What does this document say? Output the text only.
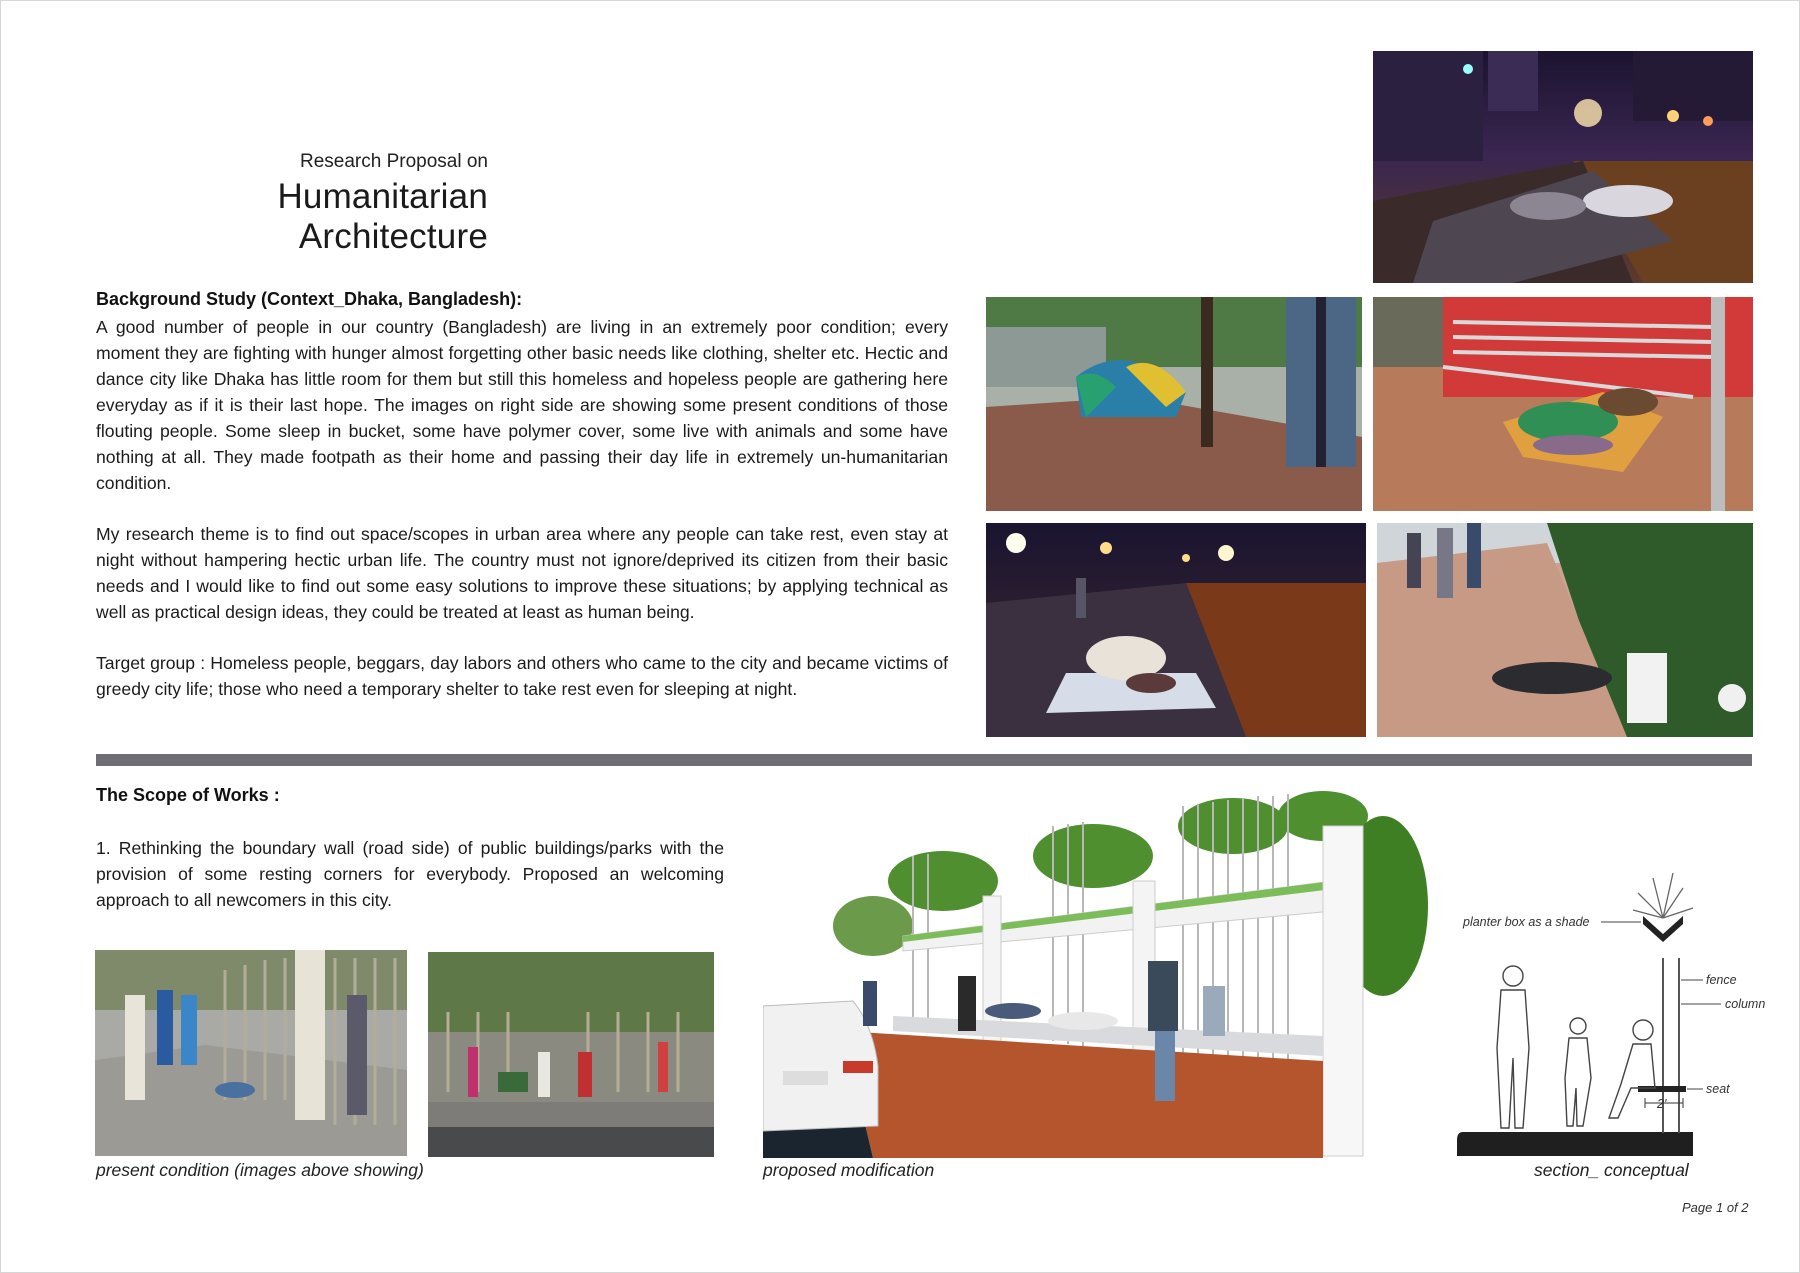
Research Proposal on
Humanitarian Architecture
Background Study (Context_Dhaka, Bangladesh):
A good number of people in our country (Bangladesh) are living in an extremely poor condition; every moment they are fighting with hunger almost forgetting other basic needs like clothing, shelter etc. Hectic and dance city like Dhaka has little room for them but still this homeless and hopeless people are gathering here everyday as if it is their last hope. The images on right side are showing some present conditions of those flouting people. Some sleep in bucket, some have polymer cover, some live with animals and some have nothing at all. They made footpath as their home and passing their day life in extremely un-humanitarian condition.
My research theme is to find out space/scopes in urban area where any people can take rest, even stay at night without hampering hectic urban life. The country must not ignore/deprived its citizen from their basic needs and I would like to find out some easy solutions to improve these situations; by applying technical as well as practical design ideas, they could be treated at least as human being.
Target group : Homeless people, beggars, day labors and others who came to the city and became victims of greedy city life; those who need a temporary shelter to take rest even for sleeping at night.
The Scope of Works :
1. Rethinking the boundary wall (road side) of public buildings/parks with the provision of some resting corners for everybody. Proposed an welcoming approach to all newcomers in this city.
2'
planter box as a shade
fence
column
seat
present condition (images above showing)	proposed modification	section_ conceptual
Page 1 of 2
